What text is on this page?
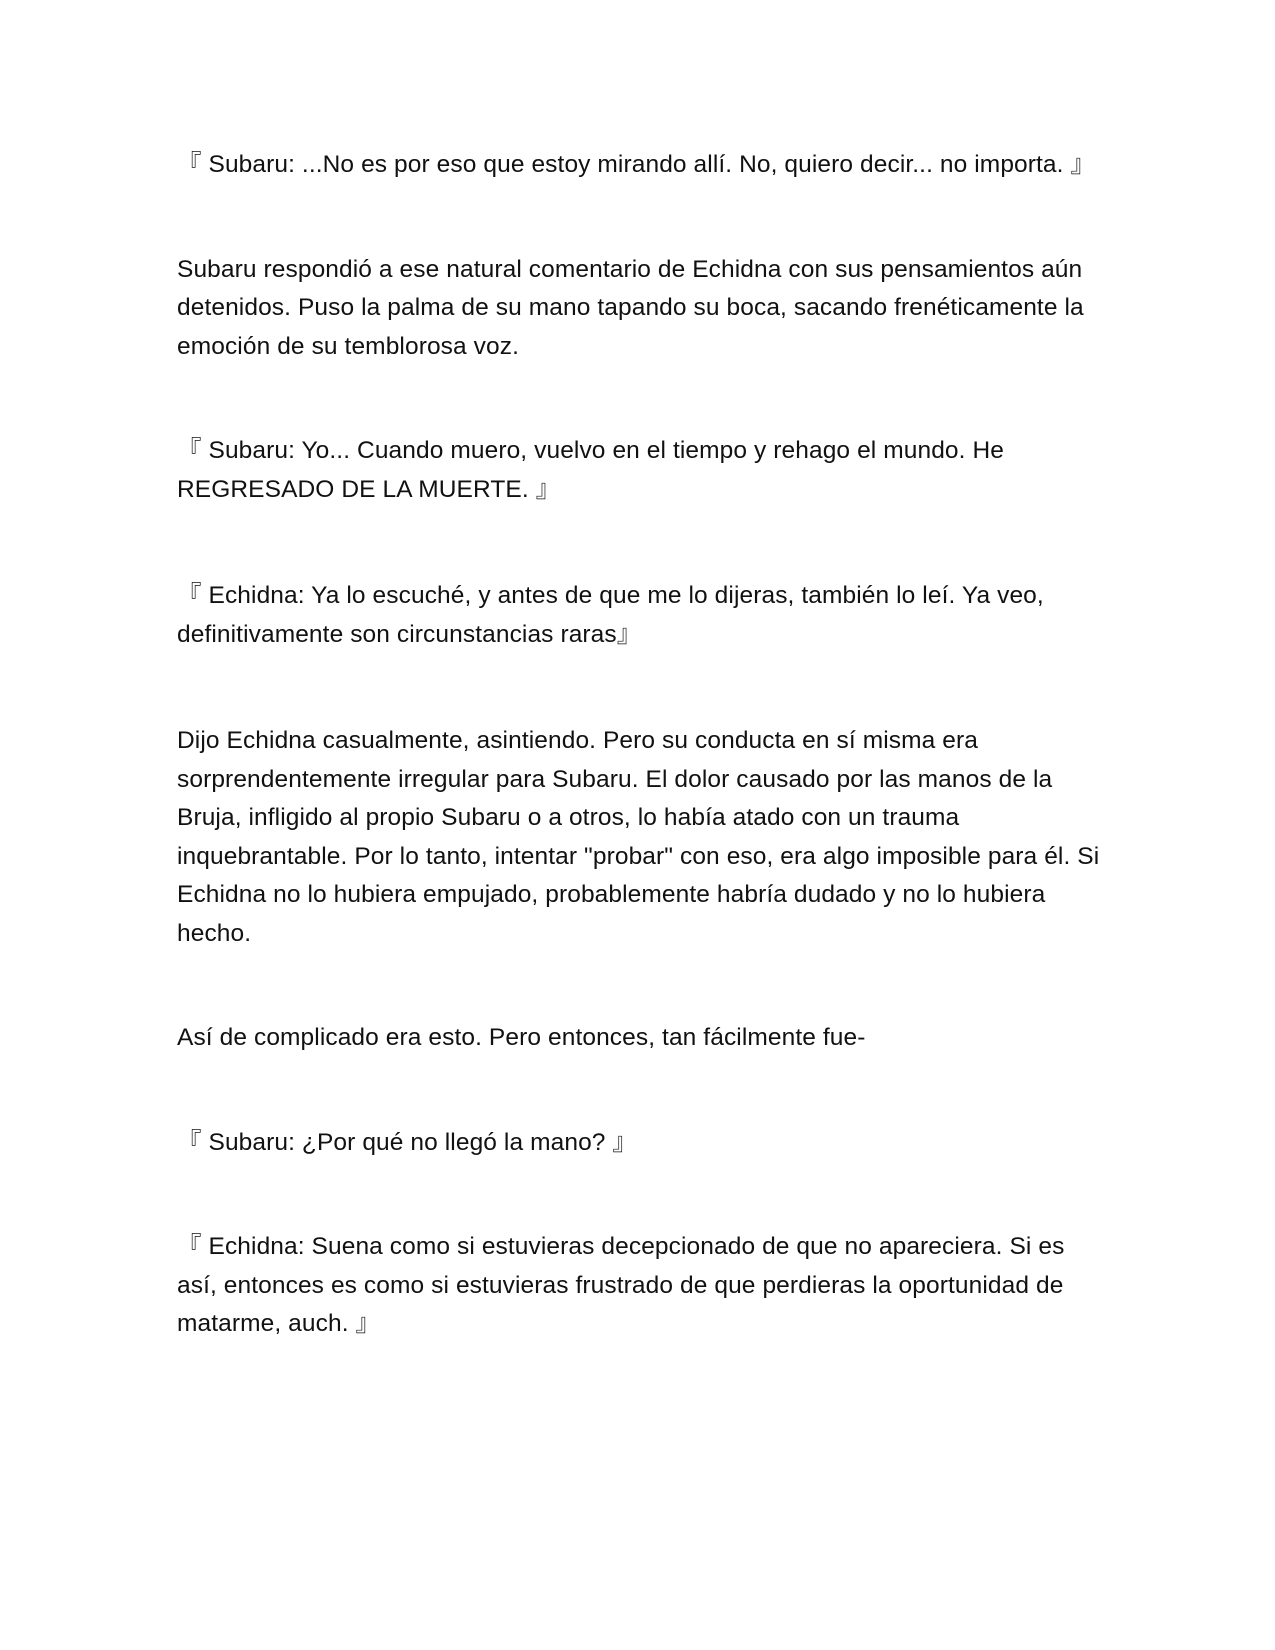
『 Subaru: ...No es por eso que estoy mirando allí. No, quiero decir... no importa. 』

Subaru respondió a ese natural comentario de Echidna con sus pensamientos aún detenidos. Puso la palma de su mano tapando su boca, sacando frenéticamente la emoción de su temblorosa voz.

『 Subaru: Yo... Cuando muero, vuelvo en el tiempo y rehago el mundo. He REGRESADO DE LA MUERTE. 』

『 Echidna: Ya lo escuché, y antes de que me lo dijeras, también lo leí. Ya veo, definitivamente son circunstancias raras』

Dijo Echidna casualmente, asintiendo. Pero su conducta en sí misma era sorprendentemente irregular para Subaru. El dolor causado por las manos de la Bruja, infligido al propio Subaru o a otros, lo había atado con un trauma inquebrantable. Por lo tanto, intentar "probar" con eso, era algo imposible para él. Si Echidna no lo hubiera empujado, probablemente habría dudado y no lo hubiera hecho.

Así de complicado era esto. Pero entonces, tan fácilmente fue-

『 Subaru: ¿Por qué no llegó la mano? 』

『 Echidna: Suena como si estuvieras decepcionado de que no apareciera. Si es así, entonces es como si estuvieras frustrado de que perdieras la oportunidad de matarme, auch. 』
